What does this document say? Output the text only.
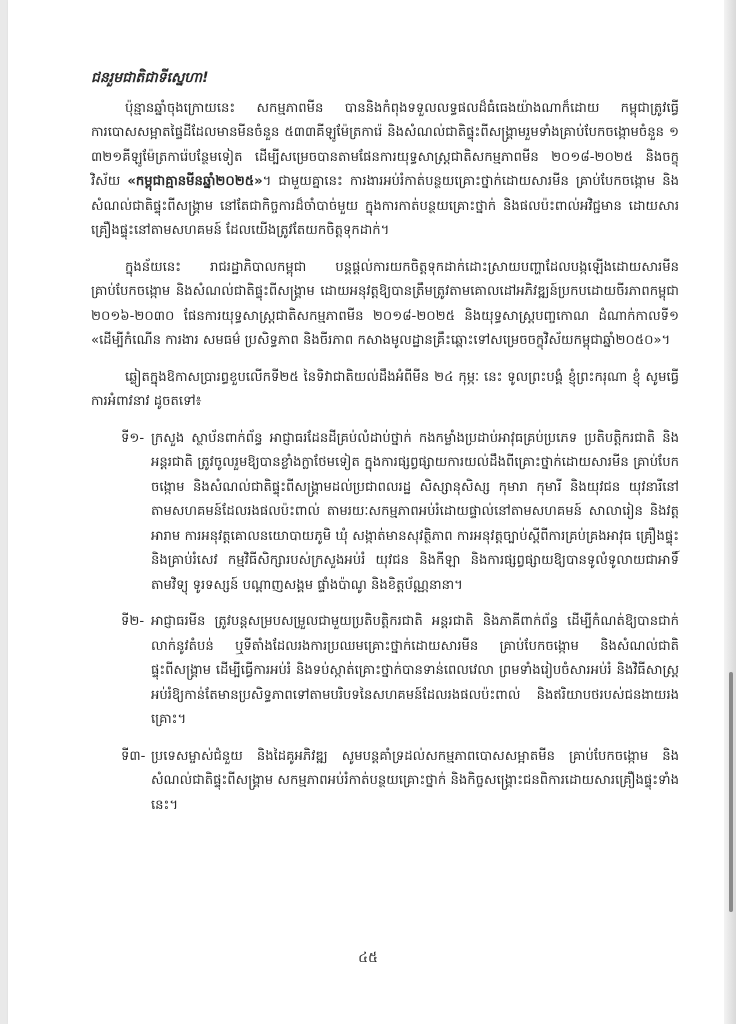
ជនរួមជាតិជាទីស្នេហា!

ប៉ុន្មានឆ្នាំចុងក្រោយនេះ សកម្មភាពមីន បាននិងកំពុងទទួលលទ្ធផលដ៏ធំធេងយ៉ាងណាក៏ដោយ កម្ពុជាត្រូវធ្វើការបោសសម្អាតផ្ទៃដីដែលមានមីនចំនួន ៥៣៣គីឡូម៉ែត្រការ៉េ និងសំណល់ជាតិផ្ទុះពីសង្គ្រាមរួមទាំងគ្រាប់បែកចង្កោមចំនួន ១ ៣២១គីឡូម៉ែត្រការ៉េបន្ថែមទៀត ដើម្បីសម្រេចបានតាមផែនការយុទ្ធសាស្ត្រជាតិសកម្មភាពមីន ២០១៨-២០២៥ និងចក្ខុវិស័យ «កម្ពុជាគ្មានមីនឆ្នាំ២០២៥»។ ជាមួយគ្នានេះ ការងារអប់រំកាត់បន្ថយគ្រោះថ្នាក់ដោយសារមីន គ្រាប់បែកចង្កោម និងសំណល់ជាតិផ្ទុះពីសង្គ្រាម នៅតែជាកិច្ចការដ៏ចាំបាច់មួយ ក្នុងការកាត់បន្ថយគ្រោះថ្នាក់ និងផលប៉ះពាល់អវិជ្ជមាន ដោយសារគ្រឿងផ្ទុះនៅតាមសហគមន៍ ដែលយើងត្រូវតែយកចិត្តទុកដាក់។

ក្នុងន័យនេះ រាជរដ្ឋាភិបាលកម្ពុជា បន្តផ្ដល់ការយកចិត្តទុកដាក់ដោះស្រាយបញ្ហាដែលបង្កឡើងដោយសារមីន គ្រាប់បែកចង្កោម និងសំណល់ជាតិផ្ទុះពីសង្គ្រាម ដោយអនុវត្តឱ្យបានត្រឹមត្រូវតាមគោលដៅអភិវឌ្ឍន៍ប្រកបដោយចីរភាពកម្ពុជា ២០១៦-២០៣០ ផែនការយុទ្ធសាស្ត្រជាតិសកម្មភាពមីន ២០១៨-២០២៥ និងយុទ្ធសាស្ត្របញ្ចកោណ ដំណាក់កាលទី១ «ដើម្បីកំណើន ការងារ សមធម៌ ប្រសិទ្ធភាព និងចីរភាព កសាងមូលដ្ឋានគ្រឹះឆ្ពោះទៅសម្រេចចក្ខុវិស័យកម្ពុជាឆ្នាំ២០៥០»។

ឆ្លៀតក្នុងឱកាសប្រារព្ធខួបលើកទី២៥ នៃទិវាជាតិយល់ដឹងអំពីមីន ២៤ កុម្ភៈ នេះ ទូលព្រះបង្គំ ខ្ញុំព្រះករុណា ខ្ញុំ សូមធ្វើការអំពាវនាវ ដូចតទៅ៖

ទី១- ក្រសួង ស្ថាប័នពាក់ព័ន្ធ អាជ្ញាធរដែនដីគ្រប់លំដាប់ថ្នាក់ កងកម្លាំងប្រដាប់អាវុធគ្រប់ប្រភេទ ប្រតិបត្តិករជាតិ និងអន្តរជាតិ ត្រូវចូលរួមឱ្យបានខ្លាំងក្លាថែមទៀត ក្នុងការផ្សព្វផ្សាយការយល់ដឹងពីគ្រោះថ្នាក់ដោយសារមីន គ្រាប់បែកចង្កោម និងសំណល់ជាតិផ្ទុះពីសង្គ្រាមដល់ប្រជាពលរដ្ឋ សិស្សានុសិស្ស កុមារា កុមារី និងយុវជន យុវនារីនៅតាមសហគមន៍ដែលរងផលប៉ះពាល់ តាមរយៈសកម្មភាពអប់រំដោយផ្ទាល់នៅតាមសហគមន៍ សាលារៀន និងវត្តអារាម ការអនុវត្តគោលនយោបាយភូមិ ឃុំ សង្កាត់មានសុវត្ថិភាព ការអនុវត្តច្បាប់ស្ដីពីការគ្រប់គ្រងអាវុធ គ្រឿងផ្ទុះ និងគ្រាប់រំសេវ កម្មវិធីសិក្សារបស់ក្រសួងអប់រំ យុវជន និងកីឡា និងការផ្សព្វផ្សាយឱ្យបានទូលំទូលាយជាអាទិ៍ តាមវិទ្យុ ទូរទស្សន៍ បណ្ដាញសង្គម ផ្ទាំងប៉ាណូ និងខិត្តប័ណ្ណនានា។
ទី២- អាជ្ញាធរមីន ត្រូវបន្តសម្របសម្រួលជាមួយប្រតិបត្តិករជាតិ អន្តរជាតិ និងភាគីពាក់ព័ន្ធ ដើម្បីកំណត់ឱ្យបានជាក់លាក់នូវតំបន់ ឬទីតាំងដែលរងការប្រឈមគ្រោះថ្នាក់ដោយសារមីន គ្រាប់បែកចង្កោម និងសំណល់ជាតិផ្ទុះពីសង្គ្រាម ដើម្បីធ្វើការអប់រំ និងទប់ស្កាត់គ្រោះថ្នាក់បានទាន់ពេលវេលា ព្រមទាំងរៀបចំសារអប់រំ និងវិធីសាស្ត្រអប់រំឱ្យកាន់តែមានប្រសិទ្ធភាពទៅតាមបរិបទនៃសហគមន៍ដែលរងផលប៉ះពាល់ និងឥរិយាបថរបស់ជនងាយរងគ្រោះ។
ទី៣- ប្រទេសម្ចាស់ជំនួយ និងដៃគូអភិវឌ្ឍ សូមបន្តគាំទ្រដល់សកម្មភាពបោសសម្អាតមីន គ្រាប់បែកចង្កោម និងសំណល់ជាតិផ្ទុះពីសង្គ្រាម សកម្មភាពអប់រំកាត់បន្ថយគ្រោះថ្នាក់ និងកិច្ចសង្គ្រោះជនពិការដោយសារគ្រឿងផ្ទុះទាំងនេះ។
៤៥
